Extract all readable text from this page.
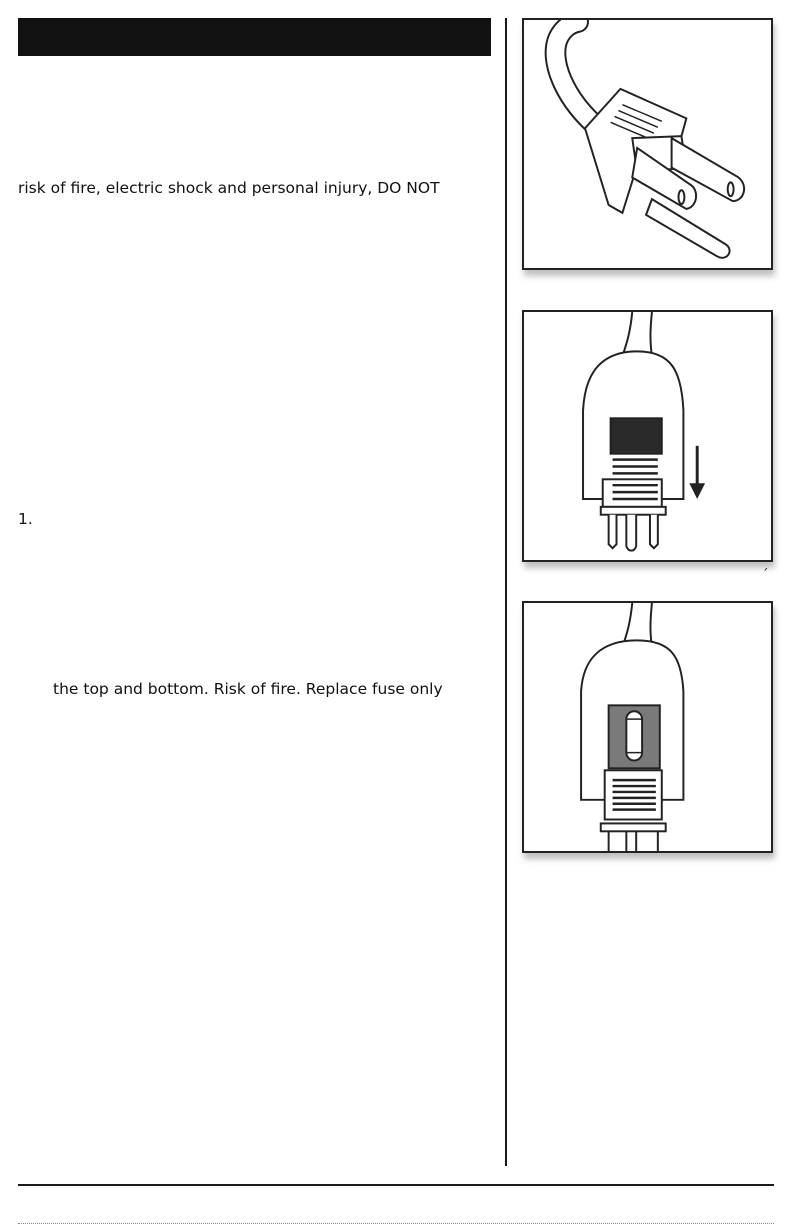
risk of fire, electric shock and personal injury, DO NOT
1.
the top and bottom. Risk of fire. Replace fuse only
´
